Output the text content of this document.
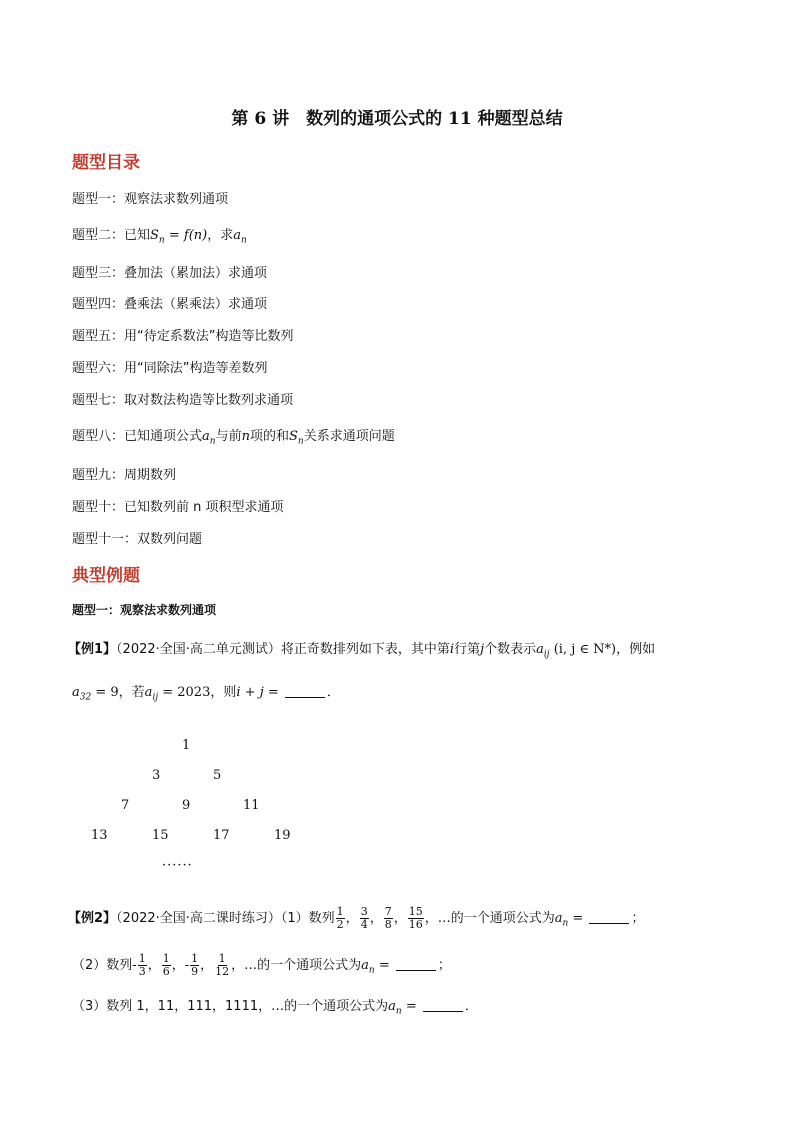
第 6 讲　数列的通项公式的 11 种题型总结
题型目录
题型一：观察法求数列通项
题型二：已知$S_n = f(n)$，求$a_n$
题型三：叠加法（累加法）求通项
题型四：叠乘法（累乘法）求通项
题型五：用“待定系数法”构造等比数列
题型六：用“同除法”构造等差数列
题型七：取对数法构造等比数列求通项
题型八：已知通项公式$a_n$与前n项的和$S_n$关系求通项问题
题型九：周期数列
题型十：已知数列前 n 项积型求通项
题型十一：双数列问题
典型例题
题型一：观察法求数列通项
【例1】（2022·全国·高二单元测试）将正奇数排列如下表，其中第i行第j个数表示$a_{ij}$ (i, j ∈ N*)，例如
$a_{32} = 9$，若$a_{ij} = 2023$，则i + j =	．
1
3	5
7	9	11
13	15	17	19
······
【例2】（2022·全国·高二课时练习）（1）数列 $\frac{1}{2}$ ， $\frac{3}{4}$ ， $\frac{7}{8}$ ， $\frac{15}{16}$ ，…的一个通项公式为$a_n$ =	；
（2）数列- $\frac{1}{3}$ ， $\frac{1}{6}$ ，- $\frac{1}{9}$ ， $\frac{1}{12}$ ，…的一个通项公式为$a_n$ =	；
（3）数列 1，11，111，1111，…的一个通项公式为$a_n$ =	．
